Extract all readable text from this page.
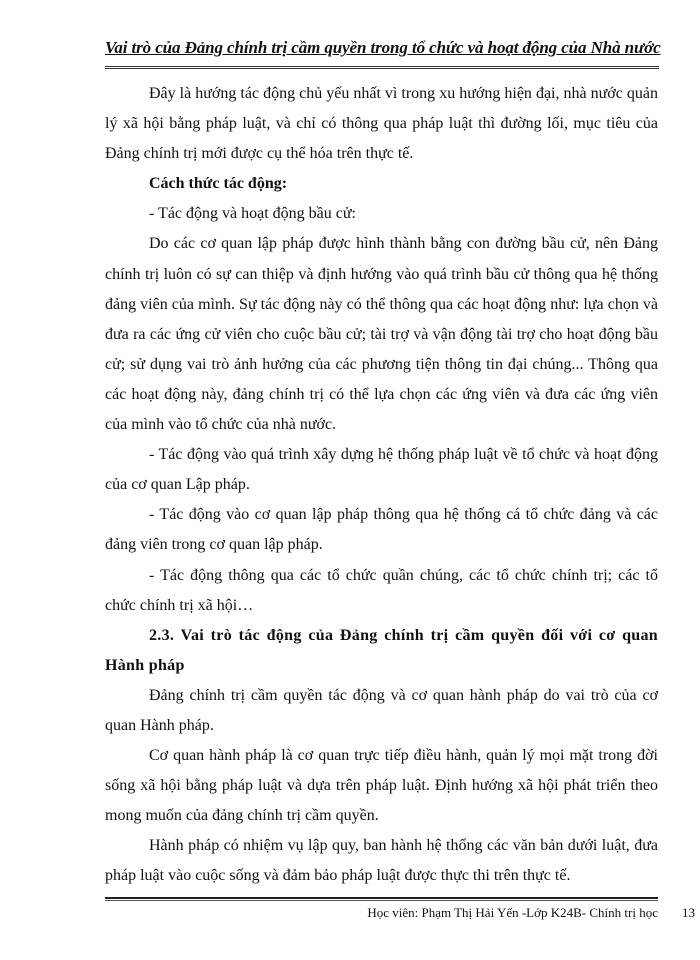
Vai trò của Đảng chính trị cầm quyền trong tổ chức và hoạt động của Nhà nước

Đây là hướng tác động chủ yếu nhất vì trong xu hướng hiện đại, nhà nước quản lý xã hội bằng pháp luật, và chỉ có thông qua pháp luật thì đường lối, mục tiêu của Đảng chính trị mới được cụ thể hóa trên thực tế.

Cách thức tác động:

- Tác động và hoạt động bầu cử:

Do các cơ quan lập pháp được hình thành bằng con đường bầu cử, nên Đảng chính trị luôn có sự can thiệp và định hướng vào quá trình bầu cử thông qua hệ thống đảng viên của mình. Sự tác động này có thể thông qua các hoạt động như: lựa chọn và đưa ra các ứng cử viên cho cuộc bầu cử; tài trợ và vận động tài trợ cho hoạt động bầu cử; sử dụng vai trò ảnh hưởng của các phương tiện thông tin đại chúng... Thông qua các hoạt động này, đảng chính trị có thể lựa chọn các ứng viên và đưa các ứng viên của mình vào tổ chức của nhà nước.

- Tác động vào quá trình xây dựng hệ thống pháp luật về tổ chức và hoạt động của cơ quan Lập pháp.

- Tác động vào cơ quan lập pháp thông qua hệ thống cá tổ chức đảng và các đảng viên trong cơ quan lập pháp.

- Tác động thông qua các tổ chức quần chúng, các tổ chức chính trị; các tổ chức chính trị xã hội…

2.3. Vai trò tác động của Đảng chính trị cầm quyền đối với cơ quan Hành pháp

Đảng chính trị cầm quyền tác động và cơ quan hành pháp do vai trò của cơ quan Hành pháp.

Cơ quan hành pháp là cơ quan trực tiếp điều hành, quản lý mọi mặt trong đời sống xã hội bằng pháp luật và dựa trên pháp luật. Định hướng xã hội phát triển theo mong muốn của đảng chính trị cầm quyền.

Hành pháp có nhiệm vụ lập quy, ban hành hệ thống các văn bản dưới luật, đưa pháp luật vào cuộc sống và đảm bảo pháp luật được thực thi trên thực tế.

Học viên: Phạm Thị Hải Yến -Lớp K24B- Chính trị học 13
